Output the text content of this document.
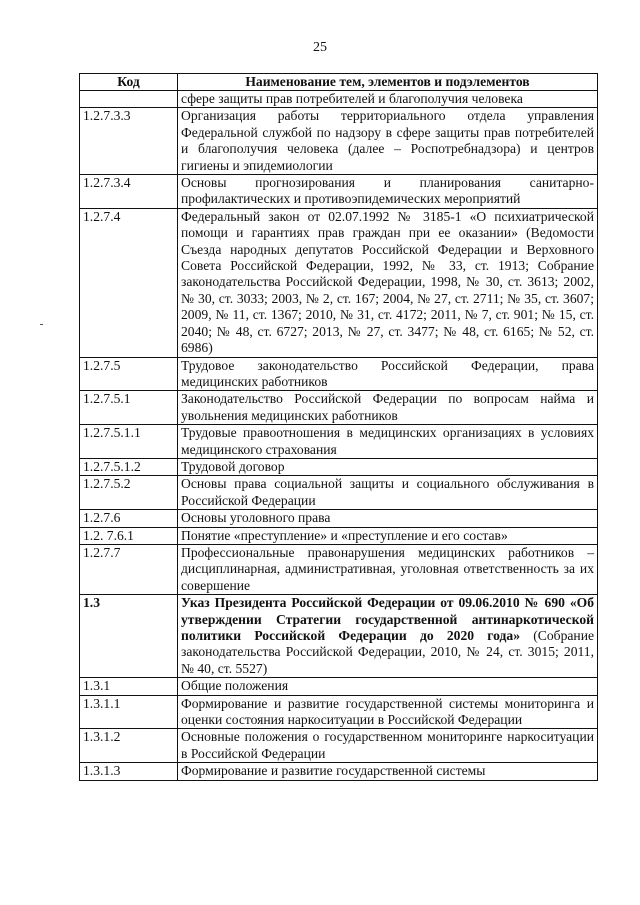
25
Код	Наименование тем, элементов и подэлементов
	сфере защиты прав потребителей и благополучия человека
1.2.7.3.3	Организация работы территориального отдела управления Федеральной службой по надзору в сфере защиты прав потребителей и благополучия человека (далее – Роспотребнадзора) и центров гигиены и эпидемиологии
1.2.7.3.4	Основы прогнозирования и планирования санитарно-профилактических и противоэпидемических мероприятий
1.2.7.4	Федеральный закон от 02.07.1992 № 3185-1 «О психиатрической помощи и гарантиях прав граждан при ее оказании» (Ведомости Съезда народных депутатов Российской Федерации и Верховного Совета Российской Федерации, 1992, № 33, ст. 1913; Собрание законодательства Российской Федерации, 1998, № 30, ст. 3613; 2002, № 30, ст. 3033; 2003, № 2, ст. 167; 2004, № 27, ст. 2711; № 35, ст. 3607; 2009, № 11, ст. 1367; 2010, № 31, ст. 4172; 2011, № 7, ст. 901; № 15, ст. 2040; № 48, ст. 6727; 2013, № 27, ст. 3477; № 48, ст. 6165; № 52, ст. 6986)
1.2.7.5	Трудовое законодательство Российской Федерации, права медицинских работников
1.2.7.5.1	Законодательство Российской Федерации по вопросам найма и увольнения медицинских работников
1.2.7.5.1.1	Трудовые правоотношения в медицинских организациях в условиях медицинского страхования
1.2.7.5.1.2	Трудовой договор
1.2.7.5.2	Основы права социальной защиты и социального обслуживания в Российской Федерации
1.2.7.6	Основы уголовного права
1.2. 7.6.1	Понятие «преступление» и «преступление и его состав»
1.2.7.7	Профессиональные правонарушения медицинских работников –дисциплинарная, административная, уголовная ответственность за их совершение
1.3	Указ Президента Российской Федерации от 09.06.2010 № 690 «Об утверждении Стратегии государственной антинаркотической политики Российской Федерации до 2020 года» (Собрание законодательства Российской Федерации, 2010, № 24, ст. 3015; 2011, № 40, ст. 5527)
1.3.1	Общие положения
1.3.1.1	Формирование и развитие государственной системы мониторинга и оценки состояния наркоситуации в Российской Федерации
1.3.1.2	Основные положения о государственном мониторинге наркоситуации в Российской Федерации
1.3.1.3	Формирование и развитие государственной системы
